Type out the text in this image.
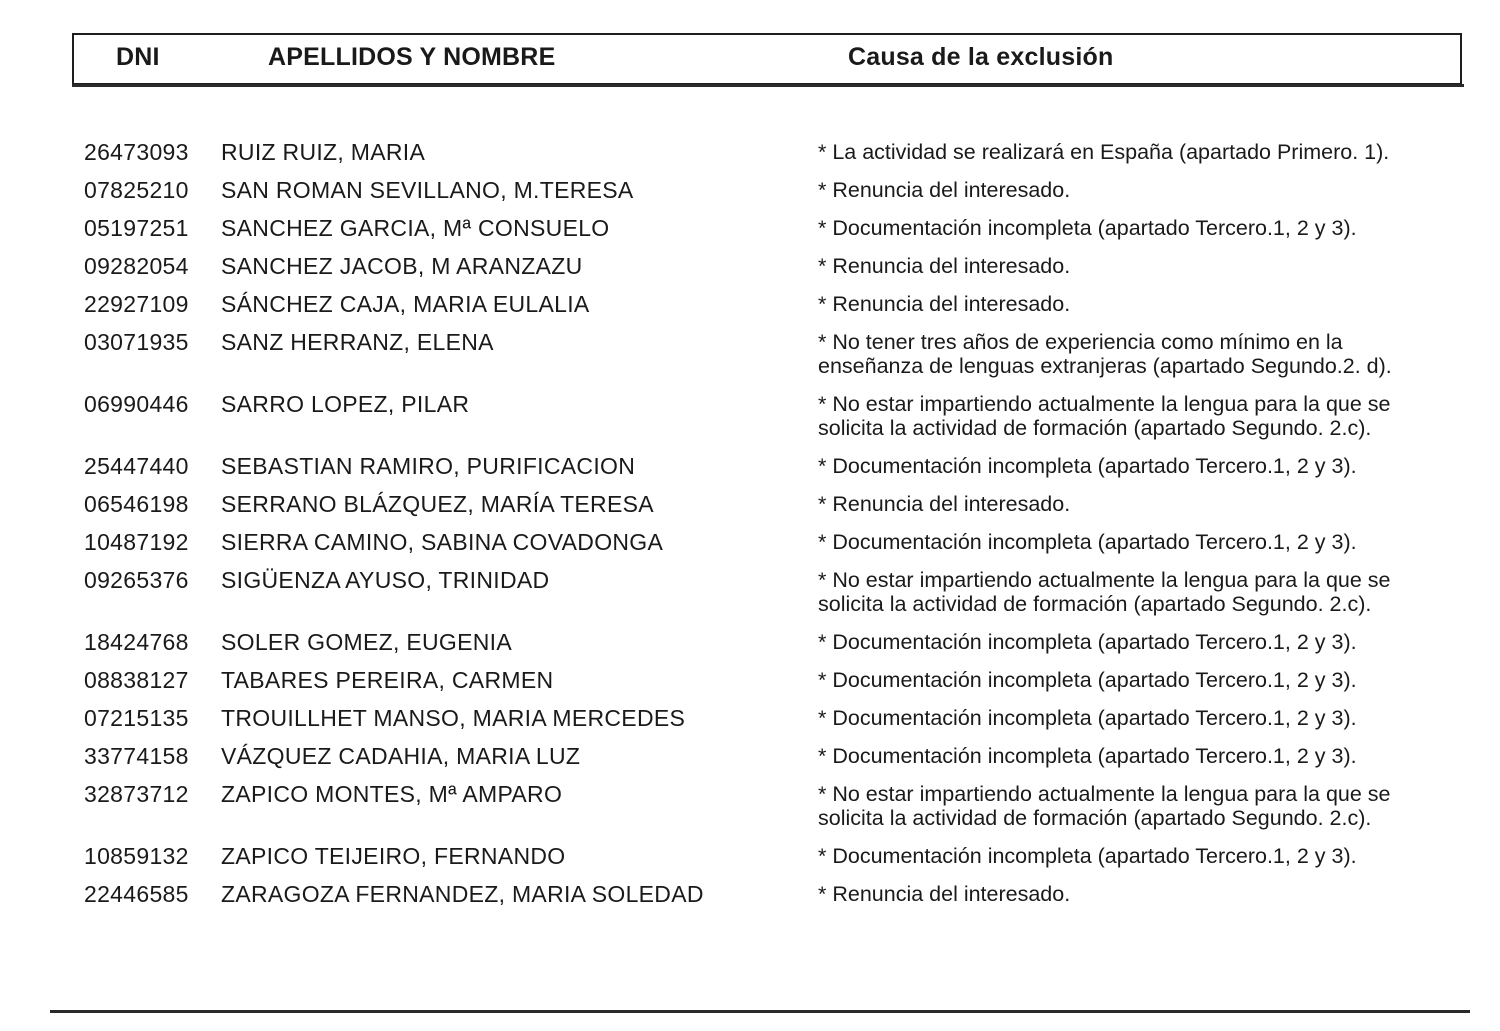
DNI	APELLIDOS Y NOMBRE	Causa de la exclusión
26473093	RUIZ RUIZ, MARIA	* La actividad se realizará en España (apartado Primero. 1).
07825210	SAN ROMAN SEVILLANO, M.TERESA	* Renuncia del interesado.
05197251	SANCHEZ GARCIA, Mª CONSUELO	* Documentación incompleta (apartado Tercero.1, 2 y 3).
09282054	SANCHEZ JACOB, M ARANZAZU	* Renuncia del interesado.
22927109	SÁNCHEZ CAJA, MARIA EULALIA	* Renuncia del interesado.
03071935	SANZ HERRANZ, ELENA	* No tener tres años de experiencia como mínimo en la enseñanza de lenguas extranjeras (apartado Segundo.2. d).
06990446	SARRO LOPEZ, PILAR	* No estar impartiendo actualmente la lengua para la que se solicita la actividad de formación (apartado Segundo. 2.c).
25447440	SEBASTIAN RAMIRO, PURIFICACION	* Documentación incompleta (apartado Tercero.1, 2 y 3).
06546198	SERRANO BLÁZQUEZ, MARÍA TERESA	* Renuncia del interesado.
10487192	SIERRA CAMINO, SABINA COVADONGA	* Documentación incompleta (apartado Tercero.1, 2 y 3).
09265376	SIGÜENZA AYUSO, TRINIDAD	* No estar impartiendo actualmente la lengua para la que se solicita la actividad de formación (apartado Segundo. 2.c).
18424768	SOLER GOMEZ, EUGENIA	* Documentación incompleta (apartado Tercero.1, 2 y 3).
08838127	TABARES PEREIRA, CARMEN	* Documentación incompleta (apartado Tercero.1, 2 y 3).
07215135	TROUILLHET MANSO, MARIA MERCEDES	* Documentación incompleta (apartado Tercero.1, 2 y 3).
33774158	VÁZQUEZ CADAHIA, MARIA LUZ	* Documentación incompleta (apartado Tercero.1, 2 y 3).
32873712	ZAPICO MONTES, Mª AMPARO	* No estar impartiendo actualmente la lengua para la que se solicita la actividad de formación (apartado Segundo. 2.c).
10859132	ZAPICO TEIJEIRO, FERNANDO	* Documentación incompleta (apartado Tercero.1, 2 y 3).
22446585	ZARAGOZA FERNANDEZ, MARIA SOLEDAD	* Renuncia del interesado.
